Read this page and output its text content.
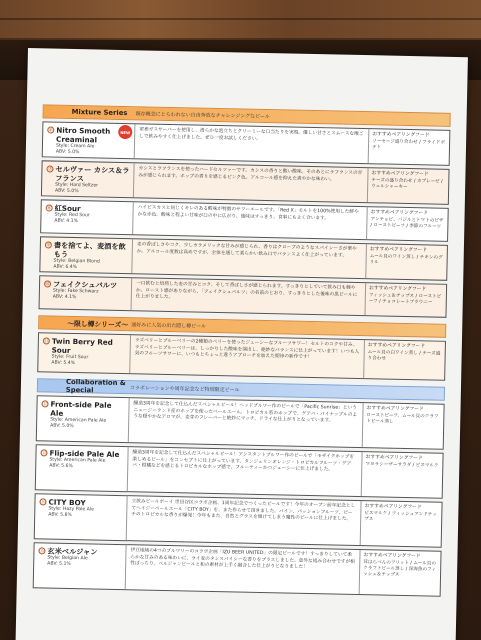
Mixture Series	既存概念にとらわれない自由奔放なチャレンジングなビール
⑥ Nitro Smooth Creaminal
Style: Cream Ale
ABV: 5.0%
NEW	窒素ガスサーバーを使用し、滑らかな泡立ちとクリーミーな口当たりを実現。優しい甘さとスムースな喉ごしで飲みやすく仕上げました。ぜひ一度お試しください。	おすすめペアリングフード
ソーセージ盛り合わせ / フライドポテト
⑦ セルヴァー カシス＆ラフランス
Style: Hard Seltzer
ABV: 5.0%
カシスとラフランスを使ったハードセルツァーです。カシスの香りと酸い酸味。そのあとにラフランスの甘みが感じられます。ホップの香りを感じるピンク色。アルコール感を抑えた爽やかな味わい。	おすすめペアリングフード
チーズの盛り合わせ / カプレーゼ / ウェルシャーキー
⑧ 紅Sour
Style: Red Sour
ABV: 4.1%
ハイビスカスと同じくキレのある酸味が特徴のサワーエールです。「Red X」モルトを100%使用した鮮やかな赤色。酸味と程よい甘味が口の中に広がり、後味はすっきり。食事にもよく合います。	おすすめペアリングフード
アンチョビ、バジルとトマトのピザ / ローストビーフ / 季節のフルーツ
⑨ 書を捨てよ、麦酒を飲もう
Style: Belgian Blond
ABV: 6.4%
麦の香ばしさやコク、少しカラメリックな甘みが感じられ、香りはクローブのようなスパイシーさが華やか。アルコール度数は高めですが、全体を通して柔らかい飲み口でバランスよく仕上がっています。	おすすめペアリングフード
ムール貝のワイン蒸し / チキンのグリル
⑩ フェイクシュバルツ
Style: Fake Schwarz
ABV: 4.1%
一口飲むと焙煎した麦の甘みとコク、そして香ばしさが感じられます。すっきりとしていて飲み口も軽やか。ロースト感がありながら、「フェイクシュバルツ」の名前のとおり、すっきりとした後味の黒ビールに仕上がりました。
おすすめペアリングフード
フィッシュ＆チップス / ローストビーフ / チョコレートブラウニー
〜限し樽シリーズ〜 通好みに人気の出た隠し樽ビール
⑪ Twin Berry Red Sour
Style: Fruit Sour
ABV: 5.4%
ラズベリーとブルーベリーの2種類のベリーを使ったジューシーなフルーツサワー！セルトのコクや甘み、ラズベリーとブルーベリーは、しっかりした酸味を演出し、絶妙なバランスに仕上がっています！いつも人気のフルーツサワーに、いつもとちょっと違うアプローチを加えた期待の新作です！
おすすめペアリングフード
ムール貝の白ワイン蒸し / チーズ盛り合わせ
Collaboration & Special	コラボレーションや周年記念など特別限定ビール
⑫ Front-side Pale Ale
Style: American Pale Ale
ABV: 5.0%
醸造3周年を記念して仕込んだスペシャルビール！ヘッドブルワー作のビールで「Pacific Sunrise」というニュージーランド産のホップを使ったペールエール。トロピカル系のホップで、グアバ・パイナップルのような穏やかなアロマが、麦芽のフレーバーと絶妙にマッチ。ドライな仕上がりとなっています。
おすすめペアリングフード
ローストビーフ、ムール貝のクラフトビール蒸し
⑬ Flip-side Pale Ale
Style: American Pale Ale
ABV: 5.6%
醸造3周年を記念して仕込んだスペシャルビール！アシスタントブルワー作のビールで「モザイクホップを楽しめるビール」をコンセプトに仕上がっています。タンジェリンオレンジ・トロピカルフルーツ・グアバ・柑橘などを感じるトロピカルなホップ感で、フルーティーかつジューシーに仕上げました。
おすすめペアリングフード
マヨラシーザーサラダ / ピスマルク
⑭ CITY BOY
Style: Hazy Pale Ale
ABV: 5.8%
立飲みビールボーイ 世田谷区コラボ企画、1周年記念でつくったビールです！今年のオープン前年記念としてヘイジーペールエール「CITY BOY」を、また作らせて頂きました。パイン、パッションフルーツ、ピーチのトロピカルな香りが爆発！今年もまた、自然とグラスを傾けてしまう魔性のビールに仕上げました。
おすすめペアリングフード
ピスマルク / フィッシュアンドチップス
⑮ 玄米ベルジャン
Style: Belgian Ale
ABV: 5.1%
伊豆地域の4つのブルワリーのコラボ企画「IZU BEER UNITED」の限定ビールです！すっきりしていて柔らかな甘みのある味わいに、ライ麦のタシスパイシーな香りをプラスしました。意外な組み合わせですが相性ばっちり。ベルジャンビールと和の素材が上手く融合した仕上がりとなりました！
おすすめペアリングフード
茸はらべんのフリット / ムール貝のクラフトビール蒸し / 深海魚のフィッシュ＆チップス
